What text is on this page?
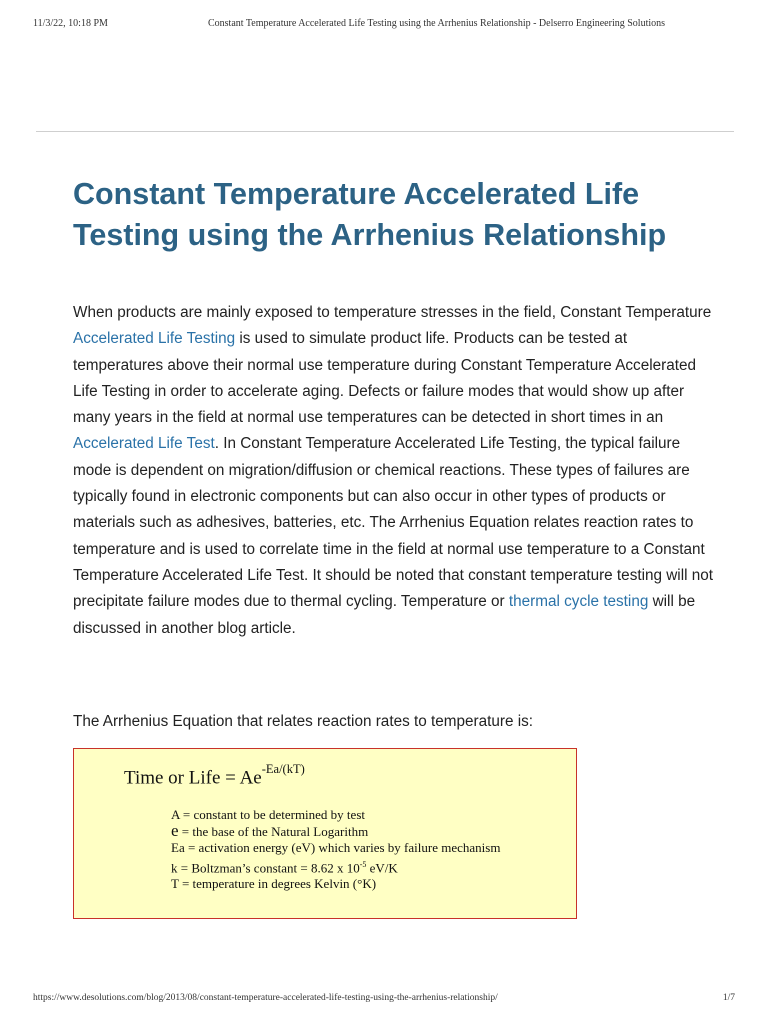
11/3/22, 10:18 PM	Constant Temperature Accelerated Life Testing using the Arrhenius Relationship - Delserro Engineering Solutions
Constant Temperature Accelerated Life Testing using the Arrhenius Relationship

When products are mainly exposed to temperature stresses in the field, Constant Temperature Accelerated Life Testing is used to simulate product life. Products can be tested at temperatures above their normal use temperature during Constant Temperature Accelerated Life Testing in order to accelerate aging. Defects or failure modes that would show up after many years in the field at normal use temperatures can be detected in short times in an Accelerated Life Test. In Constant Temperature Accelerated Life Testing, the typical failure mode is dependent on migration/diffusion or chemical reactions. These types of failures are typically found in electronic components but can also occur in other types of products or materials such as adhesives, batteries, etc. The Arrhenius Equation relates reaction rates to temperature and is used to correlate time in the field at normal use temperature to a Constant Temperature Accelerated Life Test. It should be noted that constant temperature testing will not precipitate failure modes due to thermal cycling. Temperature or thermal cycle testing will be discussed in another blog article.

The Arrhenius Equation that relates reaction rates to temperature is:

Time or Life = $Ae^{-Ea/(kT)}$
A = constant to be determined by test
e = the base of the Natural Logarithm
Ea = activation energy (eV) which varies by failure mechanism
k = Boltzman’s constant = 8.62 x $10^{-5}$ eV/K
T = temperature in degrees Kelvin (°K)
https://www.desolutions.com/blog/2013/08/constant-temperature-accelerated-life-testing-using-the-arrhenius-relationship/	1/7
